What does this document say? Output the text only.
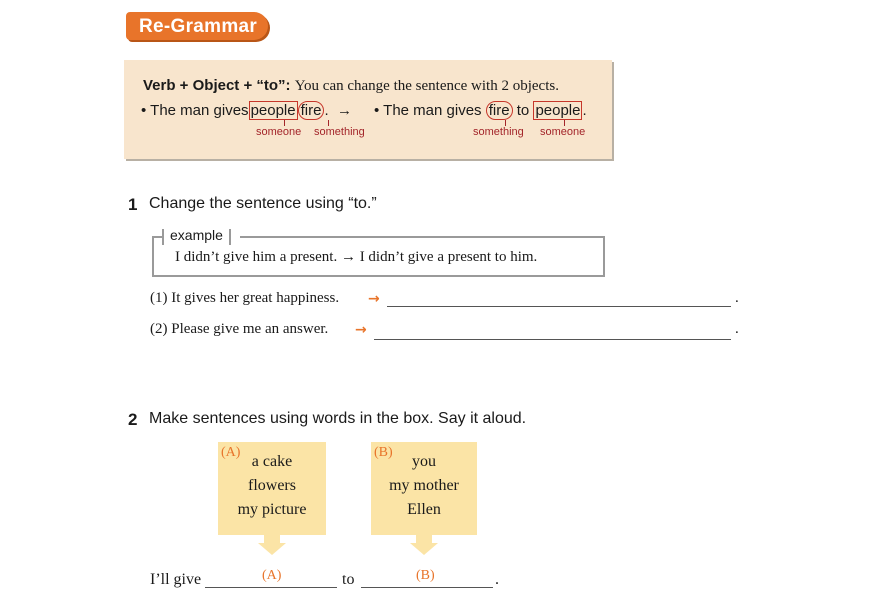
Re-Grammar
Verb + Object + “to”: You can change the sentence with 2 objects.
• The man gives people fire . → • The man gives fire to people .
someone something	something someone
1 Change the sentence using “to.”
example
I didn’t give him a present. → I didn’t give a present to him.
(1) It gives her great happiness. →	.
(2) Please give me an answer. →	.
2 Make sentences using words in the box. Say it aloud.
(A)
a cake
flowers
my picture
(B)
you
my mother
Ellen
I’ll give	(A)	to	(B)	.
